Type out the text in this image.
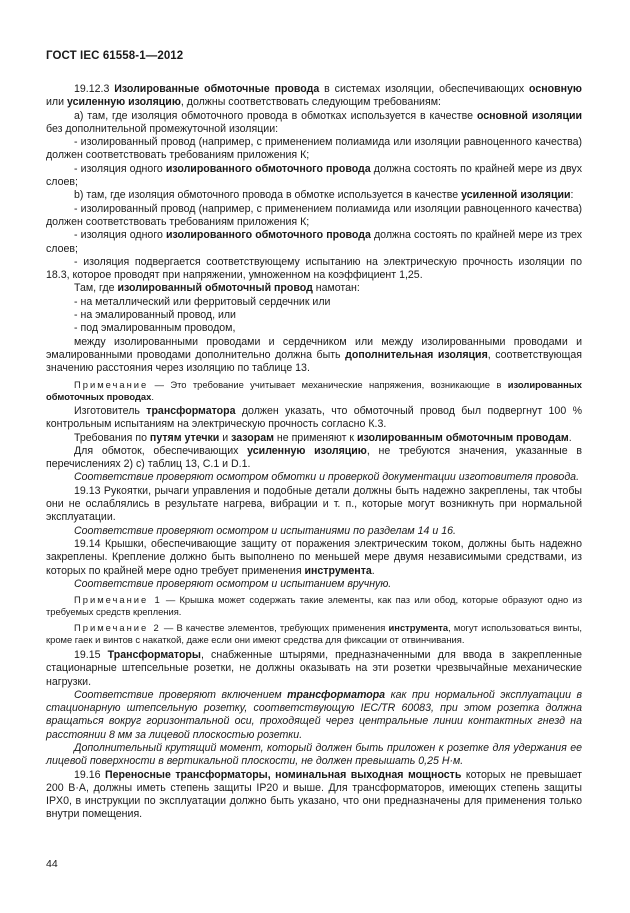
ГОСТ IEC 61558-1—2012

19.12.3 Изолированные обмоточные провода в системах изоляции, обеспечивающих основную или усиленную изоляцию, должны соответствовать следующим требованиям:

а) там, где изоляция обмоточного провода в обмотках используется в качестве основной изоляции без дополнительной промежуточной изоляции:

- изолированный провод (например, с применением полиамида или изоляции равноценного качества) должен соответствовать требованиям приложения К;

- изоляция одного изолированного обмоточного провода должна состоять по крайней мере из двух слоев;

b) там, где изоляция обмоточного провода в обмотке используется в качестве усиленной изоляции:

- изолированный провод (например, с применением полиамида или изоляции равноценного качества) должен соответствовать требованиям приложения К;

- изоляция одного изолированного обмоточного провода должна состоять по крайней мере из трех слоев;

- изоляция подвергается соответствующему испытанию на электрическую прочность изоляции по 18.3, которое проводят при напряжении, умноженном на коэффициент 1,25.

Там, где изолированный обмоточный провод намотан:

- на металлический или ферритовый сердечник или

- на эмалированный провод, или

- под эмалированным проводом,

между изолированными проводами и сердечником или между изолированными проводами и эмалированными проводами дополнительно должна быть дополнительная изоляция, соответствующая значению расстояния через изоляцию по таблице 13.

Примечание — Это требование учитывает механические напряжения, возникающие в изолированных обмоточных проводах.

Изготовитель трансформатора должен указать, что обмоточный провод был подвергнут 100 % контрольным испытаниям на электрическую прочность согласно К.3.

Требования по путям утечки и зазорам не применяют к изолированным обмоточным проводам.

Для обмоток, обеспечивающих усиленную изоляцию, не требуются значения, указанные в перечислениях 2) с) таблиц 13, С.1 и D.1.

Соответствие проверяют осмотром обмотки и проверкой документации изготовителя провода.

19.13 Рукоятки, рычаги управления и подобные детали должны быть надежно закреплены, так чтобы они не ослаблялись в результате нагрева, вибрации и т. п., которые могут возникнуть при нормальной эксплуатации.

Соответствие проверяют осмотром и испытаниями по разделам 14 и 16.

19.14 Крышки, обеспечивающие защиту от поражения электрическим током, должны быть надежно закреплены. Крепление должно быть выполнено по меньшей мере двумя независимыми средствами, из которых по крайней мере одно требует применения инструмента.

Соответствие проверяют осмотром и испытанием вручную.

Примечание 1 — Крышка может содержать такие элементы, как паз или обод, которые образуют одно из требуемых средств крепления.

Примечание 2 — В качестве элементов, требующих применения инструмента, могут использоваться винты, кроме гаек и винтов с накаткой, даже если они имеют средства для фиксации от отвинчивания.

19.15 Трансформаторы, снабженные штырями, предназначенными для ввода в закрепленные стационарные штепсельные розетки, не должны оказывать на эти розетки чрезвычайные механические нагрузки.

Соответствие проверяют включением трансформатора как при нормальной эксплуатации в стационарную штепсельную розетку, соответствующую IEC/TR 60083, при этом розетка должна вращаться вокруг горизонтальной оси, проходящей через центральные линии контактных гнезд на расстоянии 8 мм за лицевой плоскостью розетки.

Дополнительный крутящий момент, который должен быть приложен к розетке для удержания ее лицевой поверхности в вертикальной плоскости, не должен превышать 0,25 Н·м.

19.16 Переносные трансформаторы, номинальная выходная мощность которых не превышает 200 В·А, должны иметь степень защиты IP20 и выше. Для трансформаторов, имеющих степень защиты IPX0, в инструкции по эксплуатации должно быть указано, что они предназначены для применения только внутри помещения.

44
